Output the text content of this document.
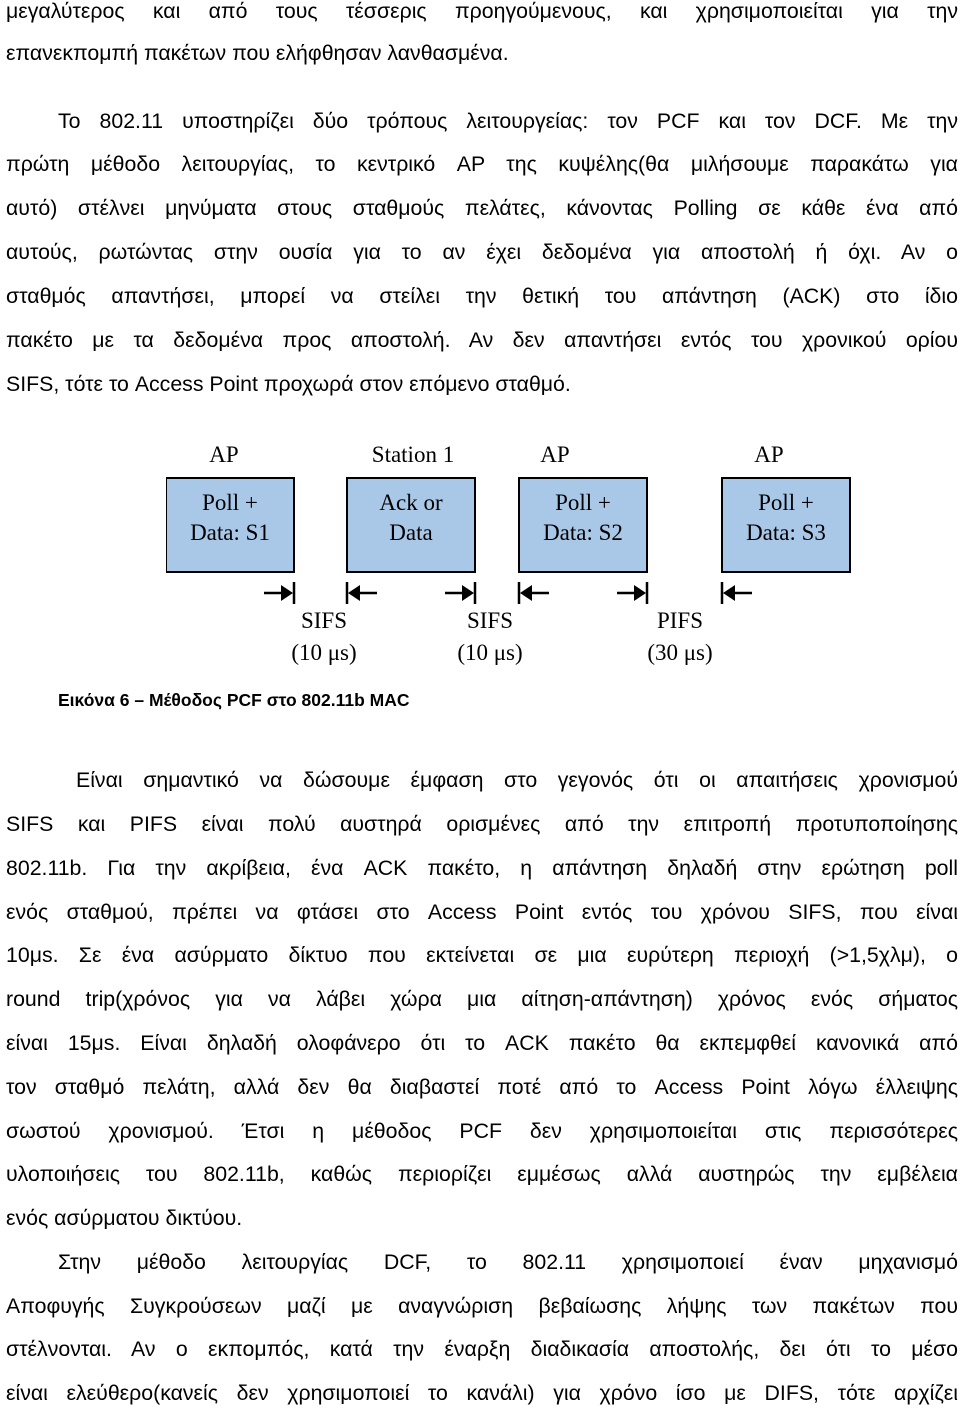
μεγαλύτερος και από τους τέσσερις προηγούμενους, και χρησιμοποιείται για την
επανεκπομπή πακέτων που ελήφθησαν λανθασμένα.
Το 802.11 υποστηρίζει δύο τρόπους λειτουργείας: τον PCF και τον DCF. Με την
πρώτη μέθοδο λειτουργίας, το κεντρικό AP της κυψέλης(θα μιλήσουμε παρακάτω για
αυτό) στέλνει μηνύματα στους σταθμούς πελάτες, κάνοντας Polling σε κάθε ένα από
αυτούς, ρωτώντας στην ουσία για το αν έχει δεδομένα για αποστολή ή όχι. Αν ο
σταθμός απαντήσει, μπορεί να στείλει την θετική του απάντηση (ACK) στο ίδιο
πακέτο με τα δεδομένα προς αποστολή. Αν δεν απαντήσει εντός του χρονικού ορίου
SIFS, τότε το Access Point προχωρά στον επόμενο σταθμό.
AP	Station 1	AP	AP
Poll +
Data: S1
Ack or
Data
Poll +
Data: S2
Poll +
Data: S3
SIFS
(10 μs)
SIFS
(10 μs)
PIFS
(30 μs)
Εικόνα 6 – Μέθοδος PCF στο 802.11b MAC
Είναι σημαντικό να δώσουμε έμφαση στο γεγονός ότι οι απαιτήσεις χρονισμού
SIFS και PIFS είναι πολύ αυστηρά ορισμένες από την επιτροπή προτυποποίησης
802.11b. Για την ακρίβεια, ένα ACK πακέτο, η απάντηση δηλαδή στην ερώτηση poll
ενός σταθμού, πρέπει να φτάσει στο Access Point εντός του χρόνου SIFS, που είναι
10μs. Σε ένα ασύρματο δίκτυο που εκτείνεται σε μια ευρύτερη περιοχή (>1,5χλμ), ο
round trip(χρόνος για να λάβει χώρα μια αίτηση-απάντηση) χρόνος ενός σήματος
είναι 15μs. Είναι δηλαδή ολοφάνερο ότι το ACK πακέτο θα εκπεμφθεί κανονικά από
τον σταθμό πελάτη, αλλά δεν θα διαβαστεί ποτέ από το Access Point λόγω έλλειψης
σωστού χρονισμού. Έτσι η μέθοδος PCF δεν χρησιμοποιείται στις περισσότερες
υλοποιήσεις του 802.11b, καθώς περιορίζει εμμέσως αλλά αυστηρώς την εμβέλεια
ενός ασύρματου δικτύου.
Στην μέθοδο λειτουργίας DCF, το 802.11 χρησιμοποιεί έναν μηχανισμό
Αποφυγής Συγκρούσεων μαζί με αναγνώριση βεβαίωσης λήψης των πακέτων που
στέλνονται. Αν ο εκπομπός, κατά την έναρξη διαδικασία αποστολής, δει ότι το μέσο
είναι ελεύθερο(κανείς δεν χρησιμοποιεί το κανάλι) για χρόνο ίσο με DIFS, τότε αρχίζει
